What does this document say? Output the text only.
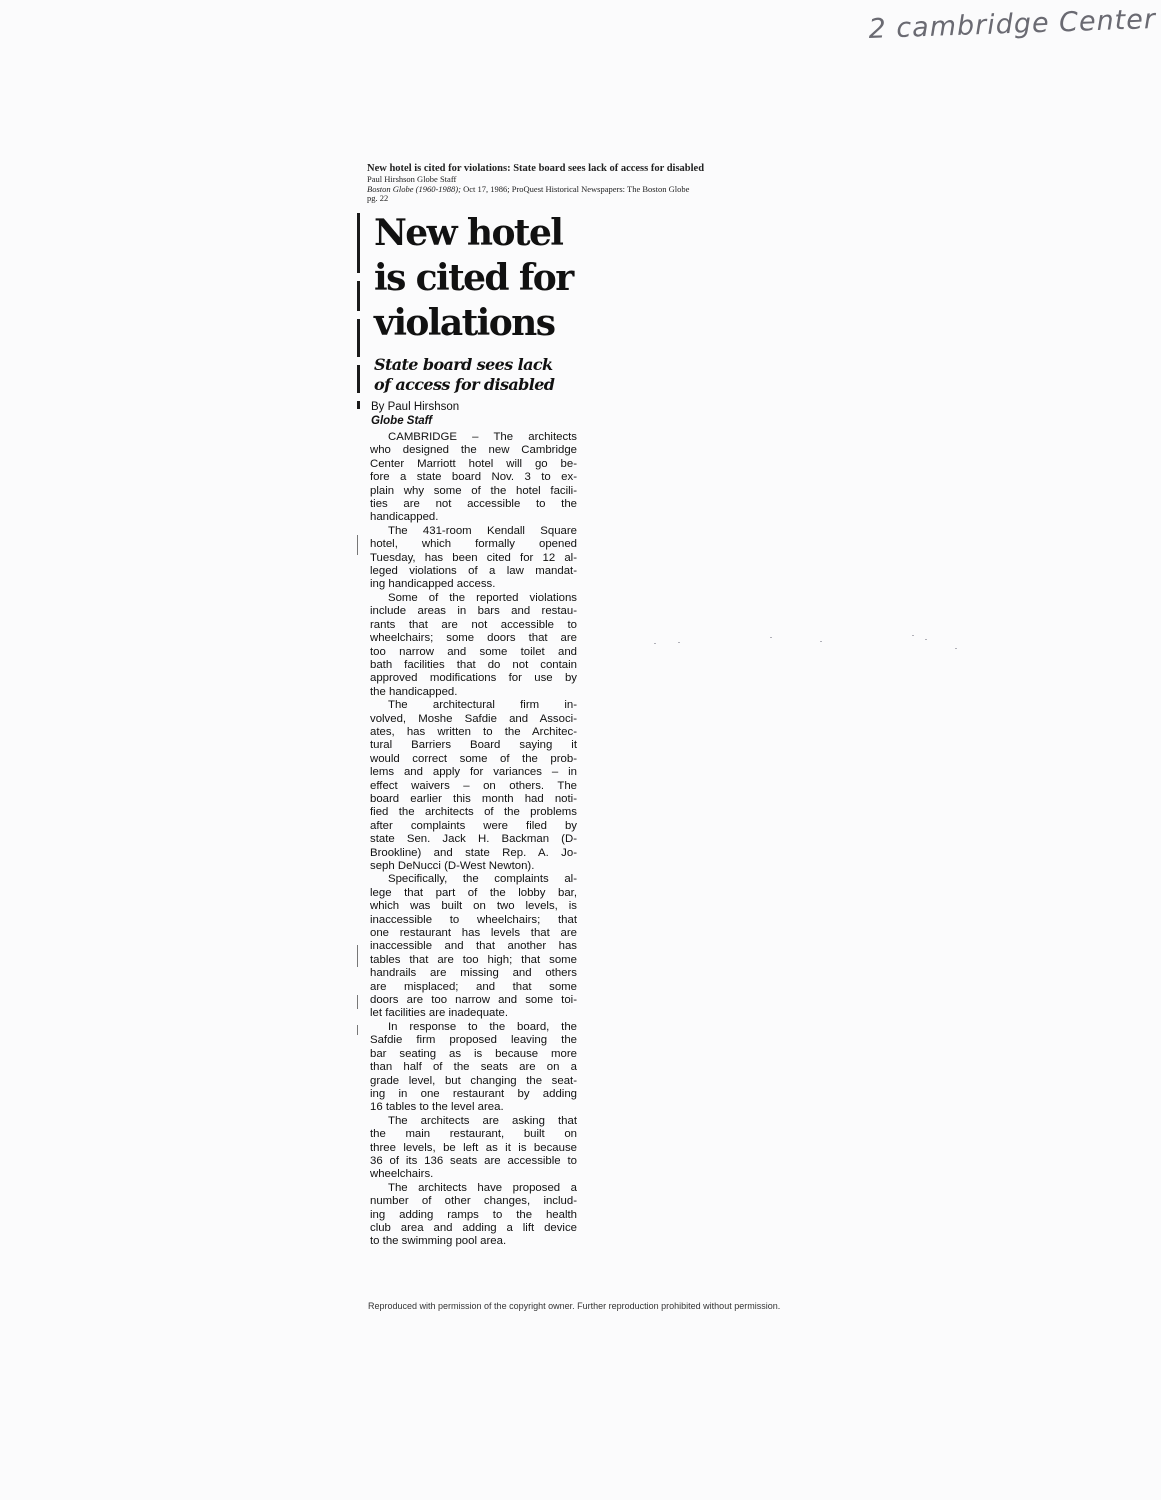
2 cambridge Center
New hotel is cited for violations: State board sees lack of access for disabled
Paul Hirshson Globe Staff
Boston Globe (1960-1988); Oct 17, 1986; ProQuest Historical Newspapers: The Boston Globe
pg. 22
New hotel
is cited for
violations
State board sees lack
of access for disabled
By Paul Hirshson
Globe Staff
CAMBRIDGE – The architects
who designed the new Cambridge
Center Marriott hotel will go be-
fore a state board Nov. 3 to ex-
plain why some of the hotel facili-
ties are not accessible to the
handicapped.
The 431-room Kendall Square
hotel, which formally opened
Tuesday, has been cited for 12 al-
leged violations of a law mandat-
ing handicapped access.
Some of the reported violations
include areas in bars and restau-
rants that are not accessible to
wheelchairs; some doors that are
too narrow and some toilet and
bath facilities that do not contain
approved modifications for use by
the handicapped.
The architectural firm in-
volved, Moshe Safdie and Associ-
ates, has written to the Architec-
tural Barriers Board saying it
would correct some of the prob-
lems and apply for variances – in
effect waivers – on others. The
board earlier this month had noti-
fied the architects of the problems
after complaints were filed by
state Sen. Jack H. Backman (D-
Brookline) and state Rep. A. Jo-
seph DeNucci (D-West Newton).
Specifically, the complaints al-
lege that part of the lobby bar,
which was built on two levels, is
inaccessible to wheelchairs; that
one restaurant has levels that are
inaccessible and that another has
tables that are too high; that some
handrails are missing and others
are misplaced; and that some
doors are too narrow and some toi-
let facilities are inadequate.
In response to the board, the
Safdie firm proposed leaving the
bar seating as is because more
than half of the seats are on a
grade level, but changing the seat-
ing in one restaurant by adding
16 tables to the level area.
The architects are asking that
the main restaurant, built on
three levels, be left as it is because
36 of its 136 seats are accessible to
wheelchairs.
The architects have proposed a
number of other changes, includ-
ing adding ramps to the health
club area and adding a lift device
to the swimming pool area.
Reproduced with permission of the copyright owner. Further reproduction prohibited without permission.
